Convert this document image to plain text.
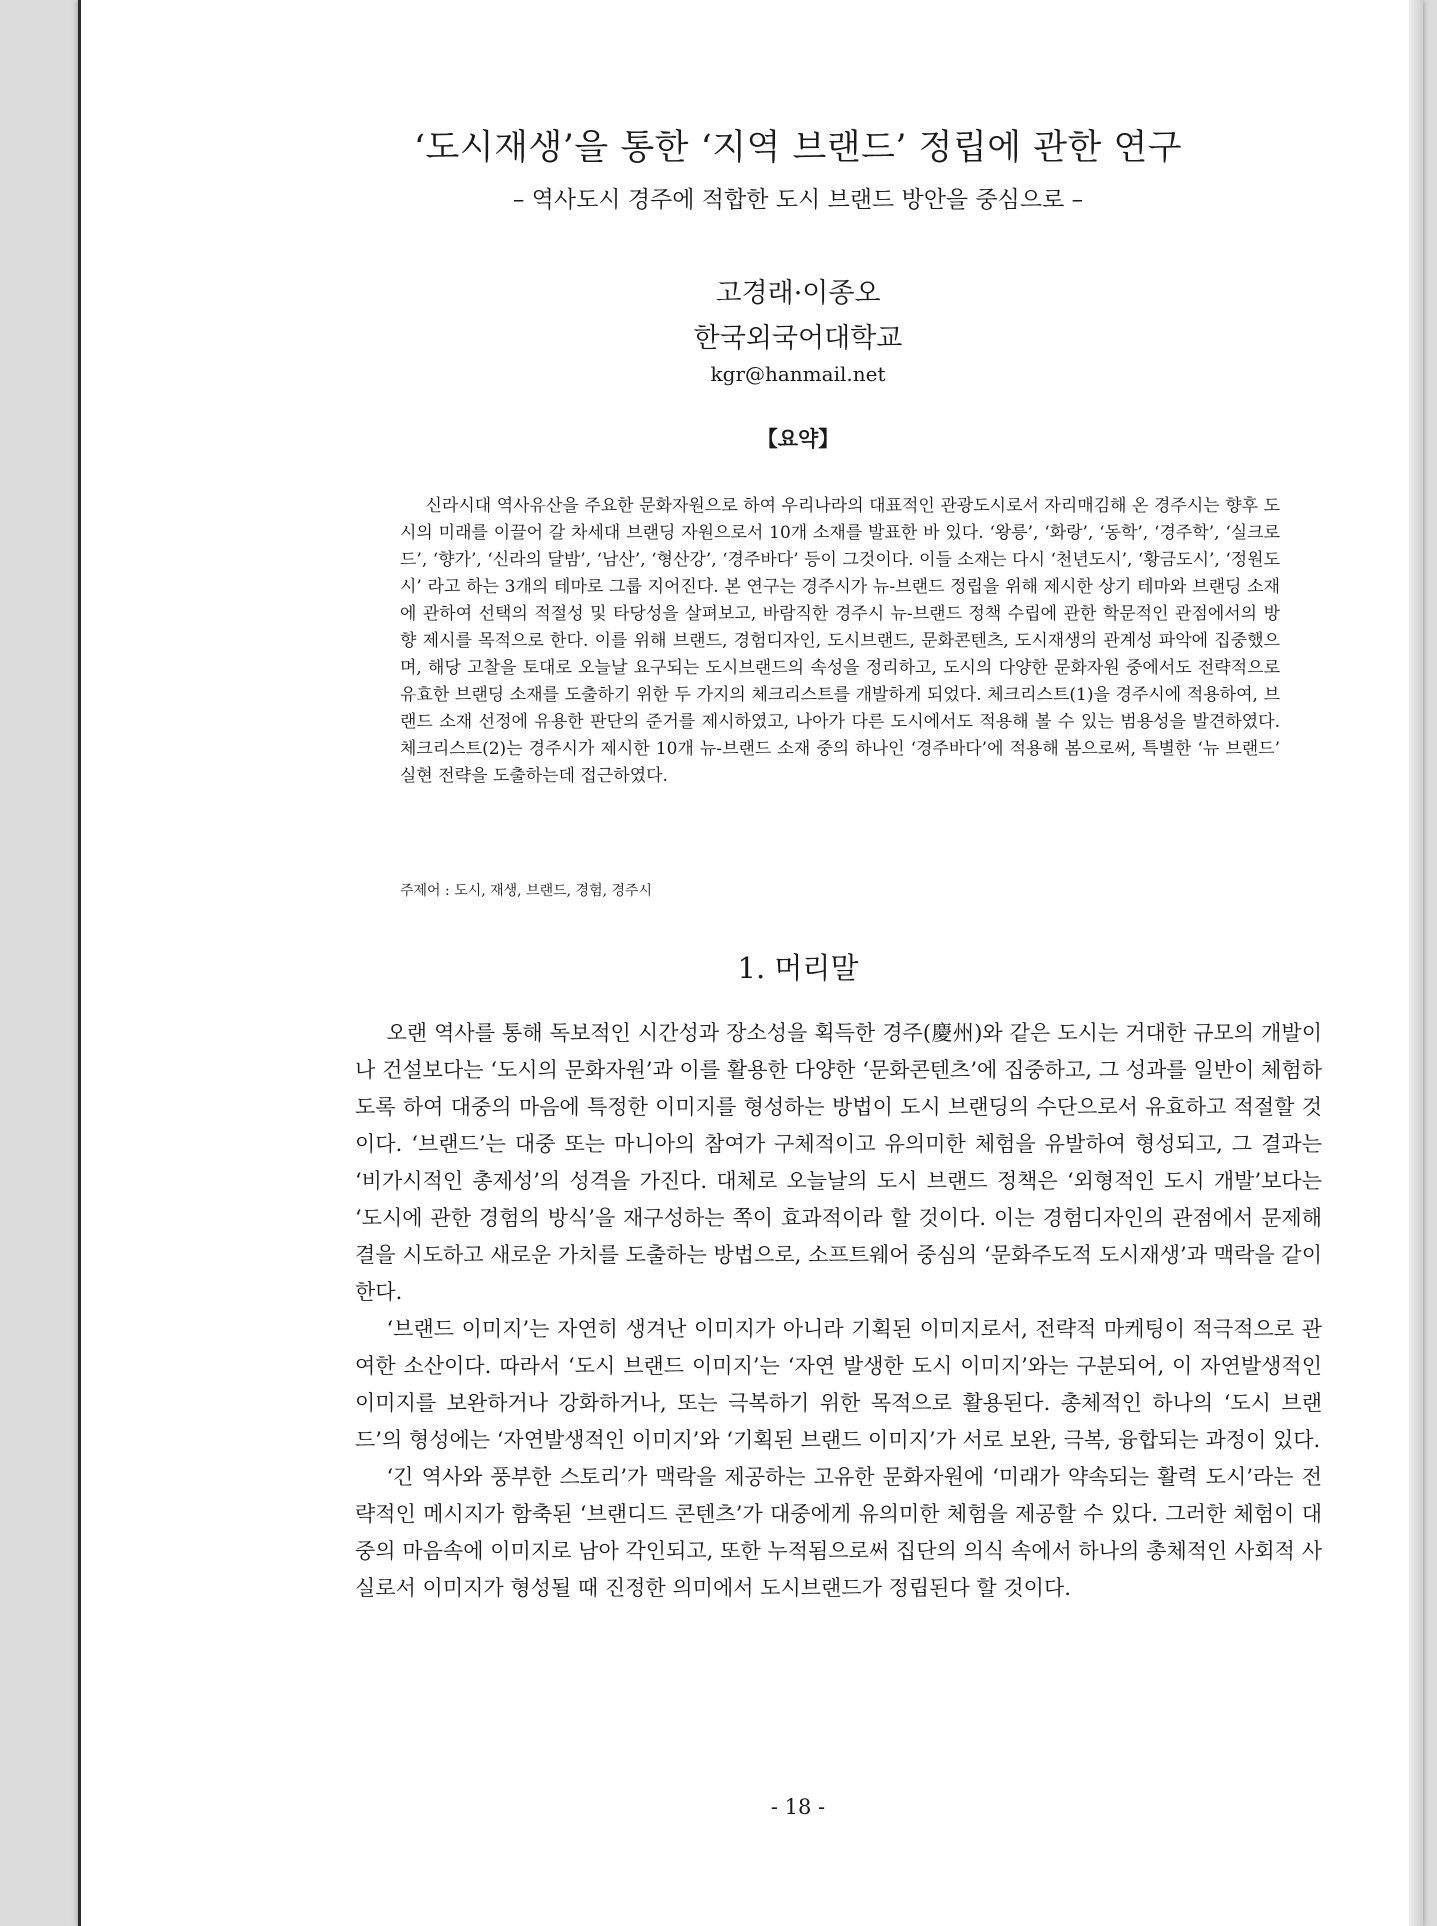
‘도시재생’을 통한 ‘지역 브랜드’ 정립에 관한 연구
– 역사도시 경주에 적합한 도시 브랜드 방안을 중심으로 –
고경래·이종오
한국외국어대학교
kgr@hanmail.net
【요약】

신라시대 역사유산을 주요한 문화자원으로 하여 우리나라의 대표적인 관광도시로서 자리매김해 온 경주시는 향후 도시의 미래를 이끌어 갈 차세대 브랜딩 자원으로서 10개 소재를 발표한 바 있다. ‘왕릉’, ‘화랑’, ‘동학’, ‘경주학’, ‘실크로드’, ‘향가’, ‘신라의 달밤’, ‘남산’, ‘형산강’, ‘경주바다’ 등이 그것이다. 이들 소재는 다시 ‘천년도시’, ‘황금도시’, ‘정원도시’ 라고 하는 3개의 테마로 그룹 지어진다. 본 연구는 경주시가 뉴-브랜드 정립을 위해 제시한 상기 테마와 브랜딩 소재에 관하여 선택의 적절성 및 타당성을 살펴보고, 바람직한 경주시 뉴-브랜드 정책 수립에 관한 학문적인 관점에서의 방향 제시를 목적으로 한다. 이를 위해 브랜드, 경험디자인, 도시브랜드, 문화콘텐츠, 도시재생의 관계성 파악에 집중했으며, 해당 고찰을 토대로 오늘날 요구되는 도시브랜드의 속성을 정리하고, 도시의 다양한 문화자원 중에서도 전략적으로 유효한 브랜딩 소재를 도출하기 위한 두 가지의 체크리스트를 개발하게 되었다. 체크리스트(1)을 경주시에 적용하여, 브랜드 소재 선정에 유용한 판단의 준거를 제시하였고, 나아가 다른 도시에서도 적용해 볼 수 있는 범용성을 발견하였다. 체크리스트(2)는 경주시가 제시한 10개 뉴-브랜드 소재 중의 하나인 ‘경주바다’에 적용해 봄으로써, 특별한 ‘뉴 브랜드’ 실현 전략을 도출하는데 접근하였다.

주제어 : 도시, 재생, 브랜드, 경험, 경주시
1. 머리말

오랜 역사를 통해 독보적인 시간성과 장소성을 획득한 경주(慶州)와 같은 도시는 거대한 규모의 개발이나 건설보다는 ‘도시의 문화자원’과 이를 활용한 다양한 ‘문화콘텐츠’에 집중하고, 그 성과를 일반이 체험하도록 하여 대중의 마음에 특정한 이미지를 형성하는 방법이 도시 브랜딩의 수단으로서 유효하고 적절할 것이다. ‘브랜드’는 대중 또는 마니아의 참여가 구체적이고 유의미한 체험을 유발하여 형성되고, 그 결과는 ‘비가시적인 총제성’의 성격을 가진다. 대체로 오늘날의 도시 브랜드 정책은 ‘외형적인 도시 개발’보다는 ‘도시에 관한 경험의 방식’을 재구성하는 쪽이 효과적이라 할 것이다. 이는 경험디자인의 관점에서 문제해결을 시도하고 새로운 가치를 도출하는 방법으로, 소프트웨어 중심의 ‘문화주도적 도시재생’과 맥락을 같이 한다.

‘브랜드 이미지’는 자연히 생겨난 이미지가 아니라 기획된 이미지로서, 전략적 마케팅이 적극적으로 관여한 소산이다. 따라서 ‘도시 브랜드 이미지’는 ‘자연 발생한 도시 이미지’와는 구분되어, 이 자연발생적인 이미지를 보완하거나 강화하거나, 또는 극복하기 위한 목적으로 활용된다. 총체적인 하나의 ‘도시 브랜드’의 형성에는 ‘자연발생적인 이미지’와 ‘기획된 브랜드 이미지’가 서로 보완, 극복, 융합되는 과정이 있다.

‘긴 역사와 풍부한 스토리’가 맥락을 제공하는 고유한 문화자원에 ‘미래가 약속되는 활력 도시’라는 전략적인 메시지가 함축된 ‘브랜디드 콘텐츠’가 대중에게 유의미한 체험을 제공할 수 있다. 그러한 체험이 대중의 마음속에 이미지로 남아 각인되고, 또한 누적됨으로써 집단의 의식 속에서 하나의 총체적인 사회적 사실로서 이미지가 형성될 때 진정한 의미에서 도시브랜드가 정립된다 할 것이다.

- 18 -
